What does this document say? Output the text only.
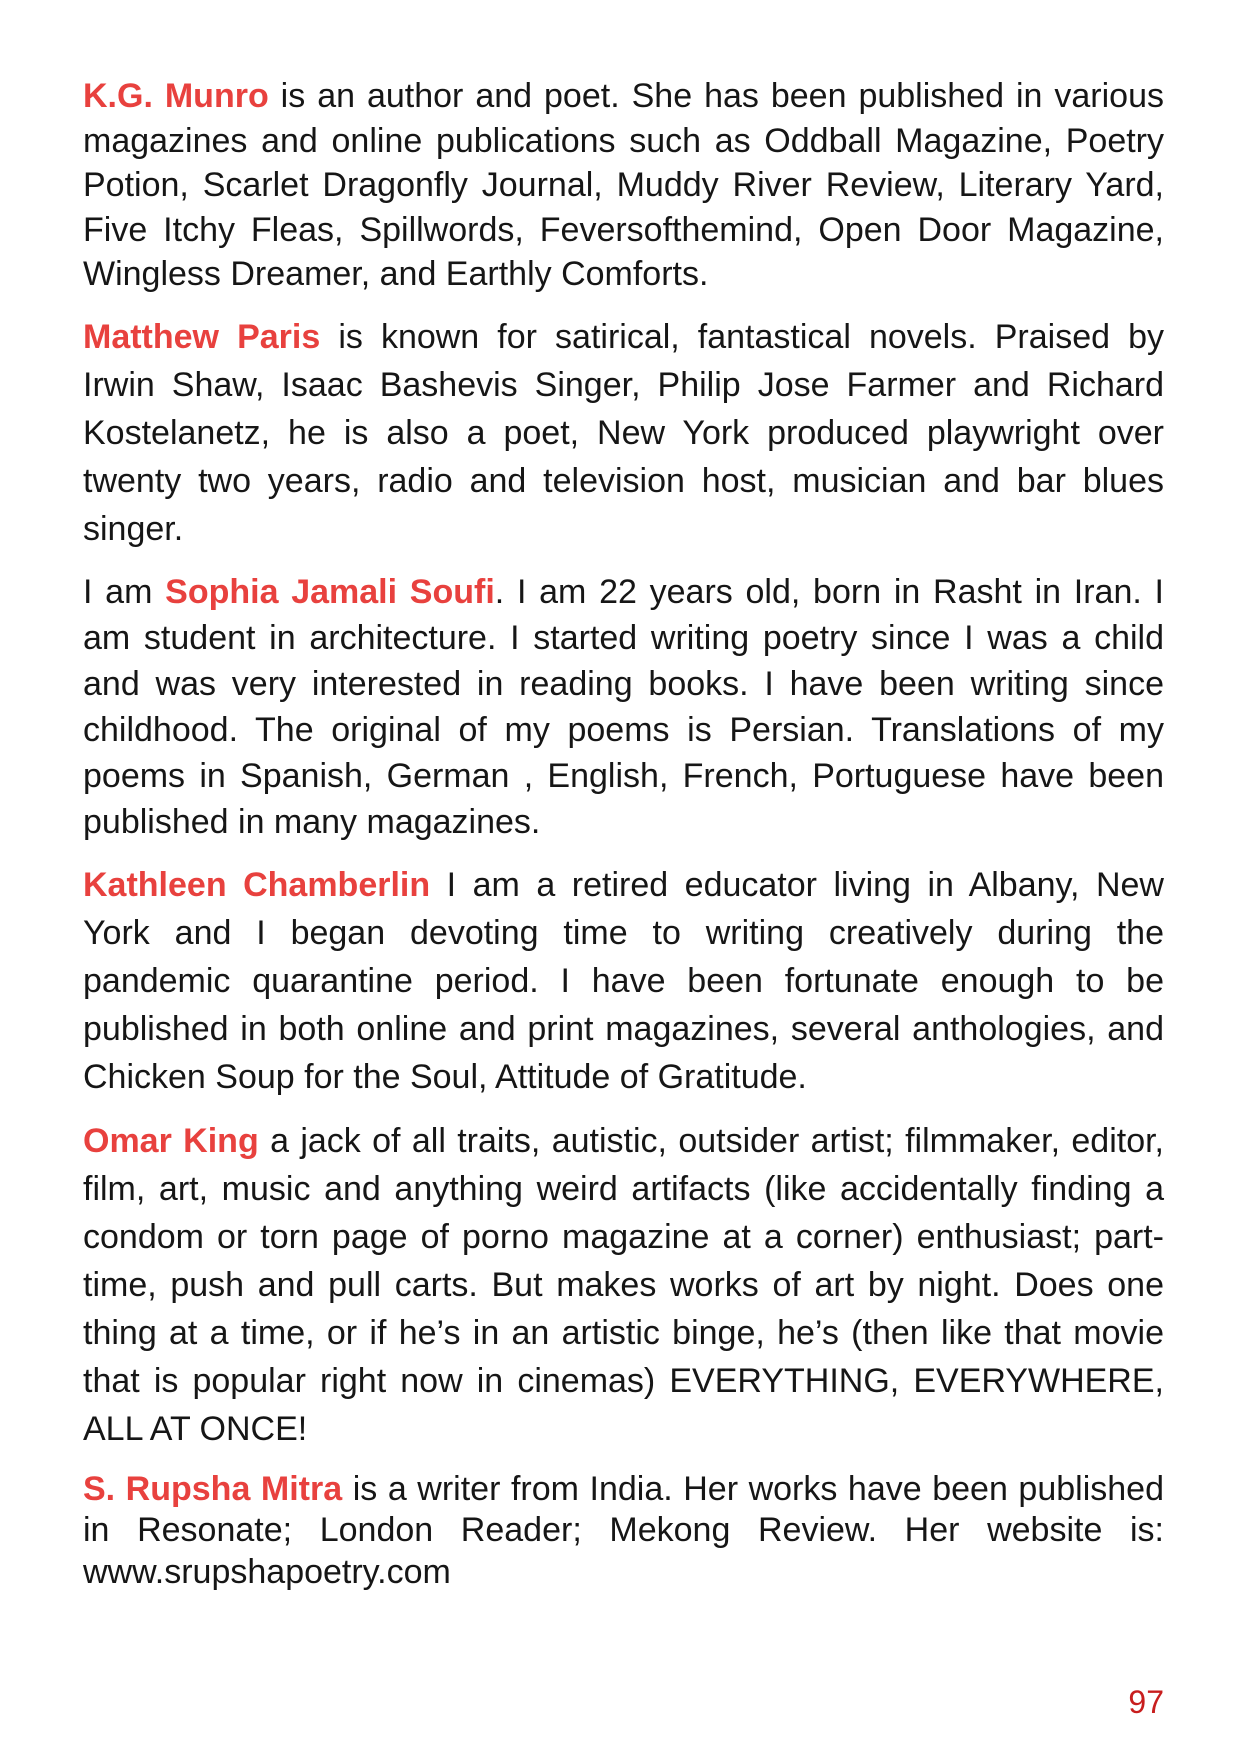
K.G. Munro is an author and poet. She has been published in various magazines and online publications such as Oddball Magazine, Poetry Potion, Scarlet Dragonfly Journal, Muddy River Review, Literary Yard, Five Itchy Fleas, Spillwords, Feversofthemind, Open Door Magazine, Wingless Dreamer, and Earthly Comforts.

Matthew Paris is known for satirical, fantastical novels. Praised by Irwin Shaw, Isaac Bashevis Singer, Philip Jose Farmer and Richard Kostelanetz, he is also a poet, New York produced playwright over twenty two years, radio and television host, musician and bar blues singer.

I am Sophia Jamali Soufi. I am 22 years old, born in Rasht in Iran. I am student in architecture. I started writing poetry since I was a child and was very interested in reading books. I have been writing since childhood. The original of my poems is Persian. Translations of my poems in Spanish, German , English, French, Portuguese have been published in many magazines.

Kathleen Chamberlin I am a retired educator living in Albany, New York and I began devoting time to writing creatively during the pandemic quarantine period. I have been fortunate enough to be published in both online and print magazines, several anthologies, and Chicken Soup for the Soul, Attitude of Gratitude.

Omar King a jack of all traits, autistic, outsider artist; filmmaker, editor, film, art, music and anything weird artifacts (like accidentally finding a condom or torn page of porno magazine at a corner) enthusiast; part-time, push and pull carts. But makes works of art by night. Does one thing at a time, or if he’s in an artistic binge, he’s (then like that movie that is popular right now in cinemas) EVERYTHING, EVERYWHERE, ALL AT ONCE!

S. Rupsha Mitra is a writer from India. Her works have been published in Resonate; London Reader; Mekong Review. Her website is: www.srupshapoetry.com

97
